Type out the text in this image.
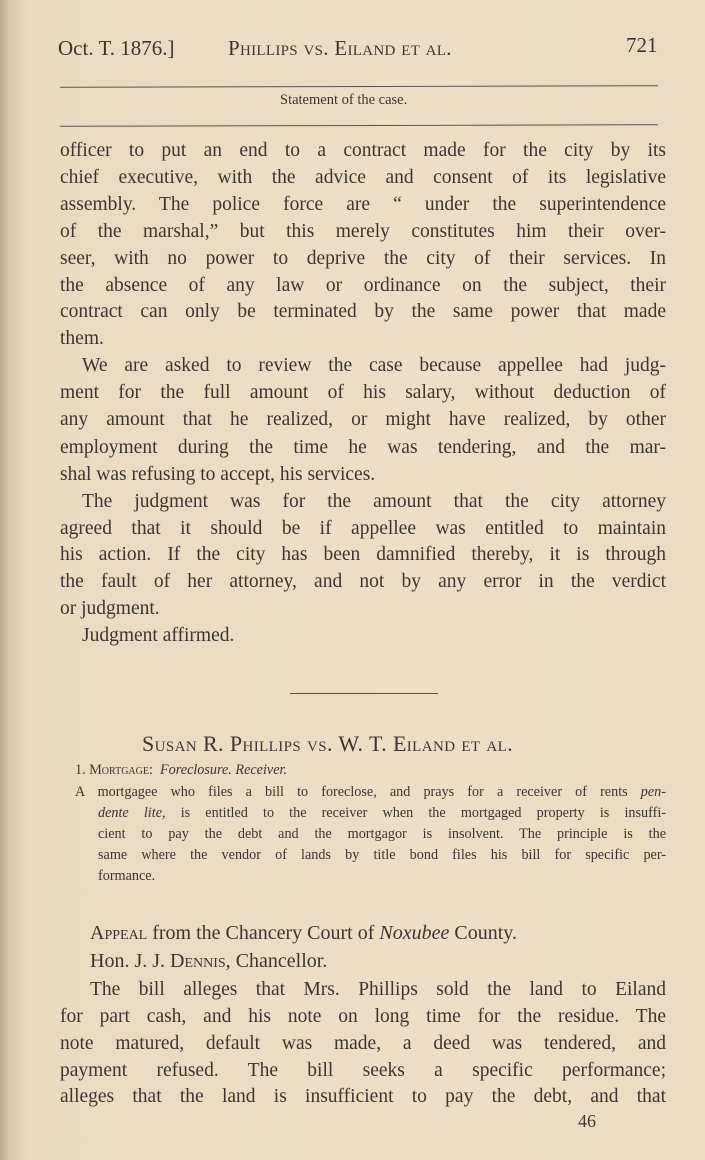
Oct. T. 1876.]	Phillips vs. Eiland et al.	721
Statement of the case.
officer to put an end to a contract made for the city by its
chief executive, with the advice and consent of its legislative
assembly. The police force are “ under the superintendence
of the marshal,” but this merely constitutes him their over-
seer, with no power to deprive the city of their services. In
the absence of any law or ordinance on the subject, their
contract can only be terminated by the same power that made
them.
We are asked to review the case because appellee had judg-
ment for the full amount of his salary, without deduction of
any amount that he realized, or might have realized, by other
employment during the time he was tendering, and the mar-
shal was refusing to accept, his services.
The judgment was for the amount that the city attorney
agreed that it should be if appellee was entitled to maintain
his action. If the city has been damnified thereby, it is through
the fault of her attorney, and not by any error in the verdict
or judgment.
Judgment affirmed.
Susan R. Phillips vs. W. T. Eiland et al.
1. Mortgage: Foreclosure. Receiver.
A mortgagee who files a bill to foreclose, and prays for a receiver of rents pen-
dente lite, is entitled to the receiver when the mortgaged property is insuffi-
cient to pay the debt and the mortgagor is insolvent. The principle is the
same where the vendor of lands by title bond files his bill for specific per-
formance.
Appeal from the Chancery Court of Noxubee County.
Hon. J. J. Dennis, Chancellor.
The bill alleges that Mrs. Phillips sold the land to Eiland
for part cash, and his note on long time for the residue. The
note matured, default was made, a deed was tendered, and
payment refused. The bill seeks a specific performance;
alleges that the land is insufficient to pay the debt, and that
46
